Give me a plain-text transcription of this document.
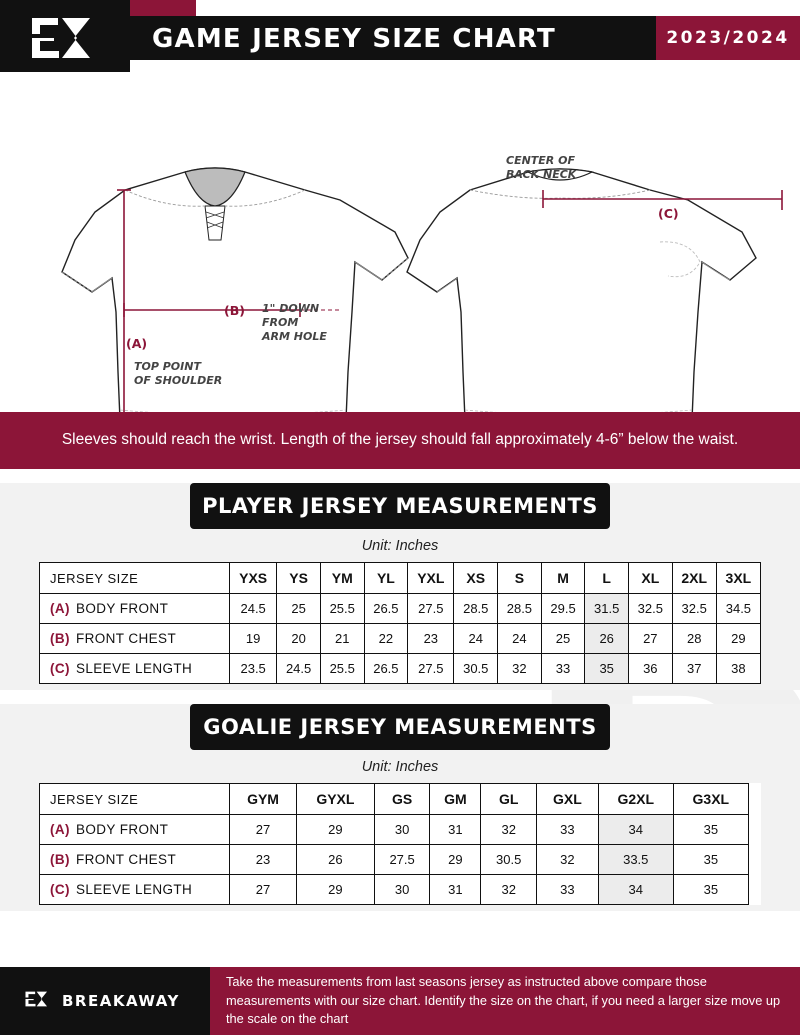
GAME JERSEY SIZE CHART	2023/2024
(B)
(A)
1" DOWN
FROM
ARM HOLE
TOP POINT
OF SHOULDER
(C)
CENTER OF
BACK NECK
Sleeves should reach the wrist. Length of the jersey should fall approximately 4-6” below the waist.
PLAYER JERSEY MEASUREMENTS
Unit: Inches
JERSEY SIZE	YXS	YS	YM	YL	YXL	XS	S	M	L	XL	2XL	3XL
(A) BODY FRONT	24.5	25	25.5	26.5	27.5	28.5	28.5	29.5	31.5	32.5	32.5	34.5
(B) FRONT CHEST	19	20	21	22	23	24	24	25	26	27	28	29
(C) SLEEVE LENGTH	23.5	24.5	25.5	26.5	27.5	30.5	32	33	35	36	37	38
GOALIE JERSEY MEASUREMENTS
Unit: Inches
JERSEY SIZE	GYM	GYXL	GS	GM	GL	GXL	G2XL	G3XL	
(A) BODY FRONT	27	29	30	31	32	33	34	35	
(B) FRONT CHEST	23	26	27.5	29	30.5	32	33.5	35	
(C) SLEEVE LENGTH	27	29	30	31	32	33	34	35	
BREAKAWAY
Take the measurements from last seasons jersey as instructed above compare those measurements with our size chart. Identify the size on the chart, if you need a larger size move up the scale on the chart
